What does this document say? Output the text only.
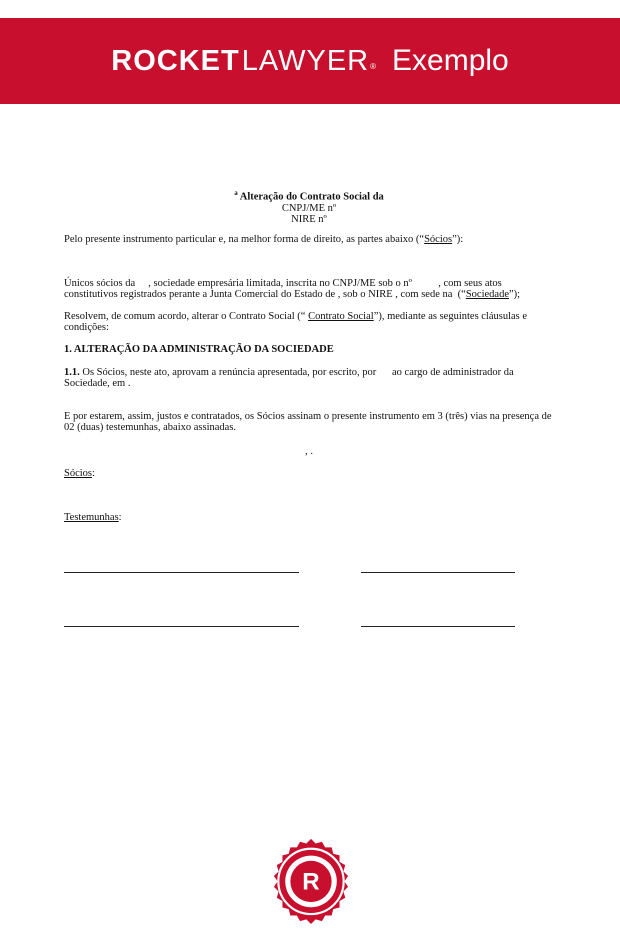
ROCKET LAWYER ® Exemplo
$^a$ Alteração do Contrato Social da
CNPJ/ME nº
NIRE nº
Pelo presente instrumento particular e, na melhor forma de direito, as partes abaixo (“Sócios”):
Únicos sócios da     , sociedade empresária limitada, inscrita no CNPJ/ME sob o nº          , com seus atos constitutivos registrados perante a Junta Comercial do Estado de , sob o NIRE , com sede na  (“Sociedade”);
Resolvem, de comum acordo, alterar o Contrato Social (“ Contrato Social”), mediante as seguintes cláusulas e condições:
1. ALTERAÇÃO DA ADMINISTRAÇÃO DA SOCIEDADE
1.1. Os Sócios, neste ato, aprovam a renúncia apresentada, por escrito, por      ao cargo de administrador da Sociedade, em .
E por estarem, assim, justos e contratados, os Sócios assinam o presente instrumento em 3 (três) vias na presença de 02 (duas) testemunhas, abaixo assinadas.
, .
Sócios:
Testemunhas:
R
